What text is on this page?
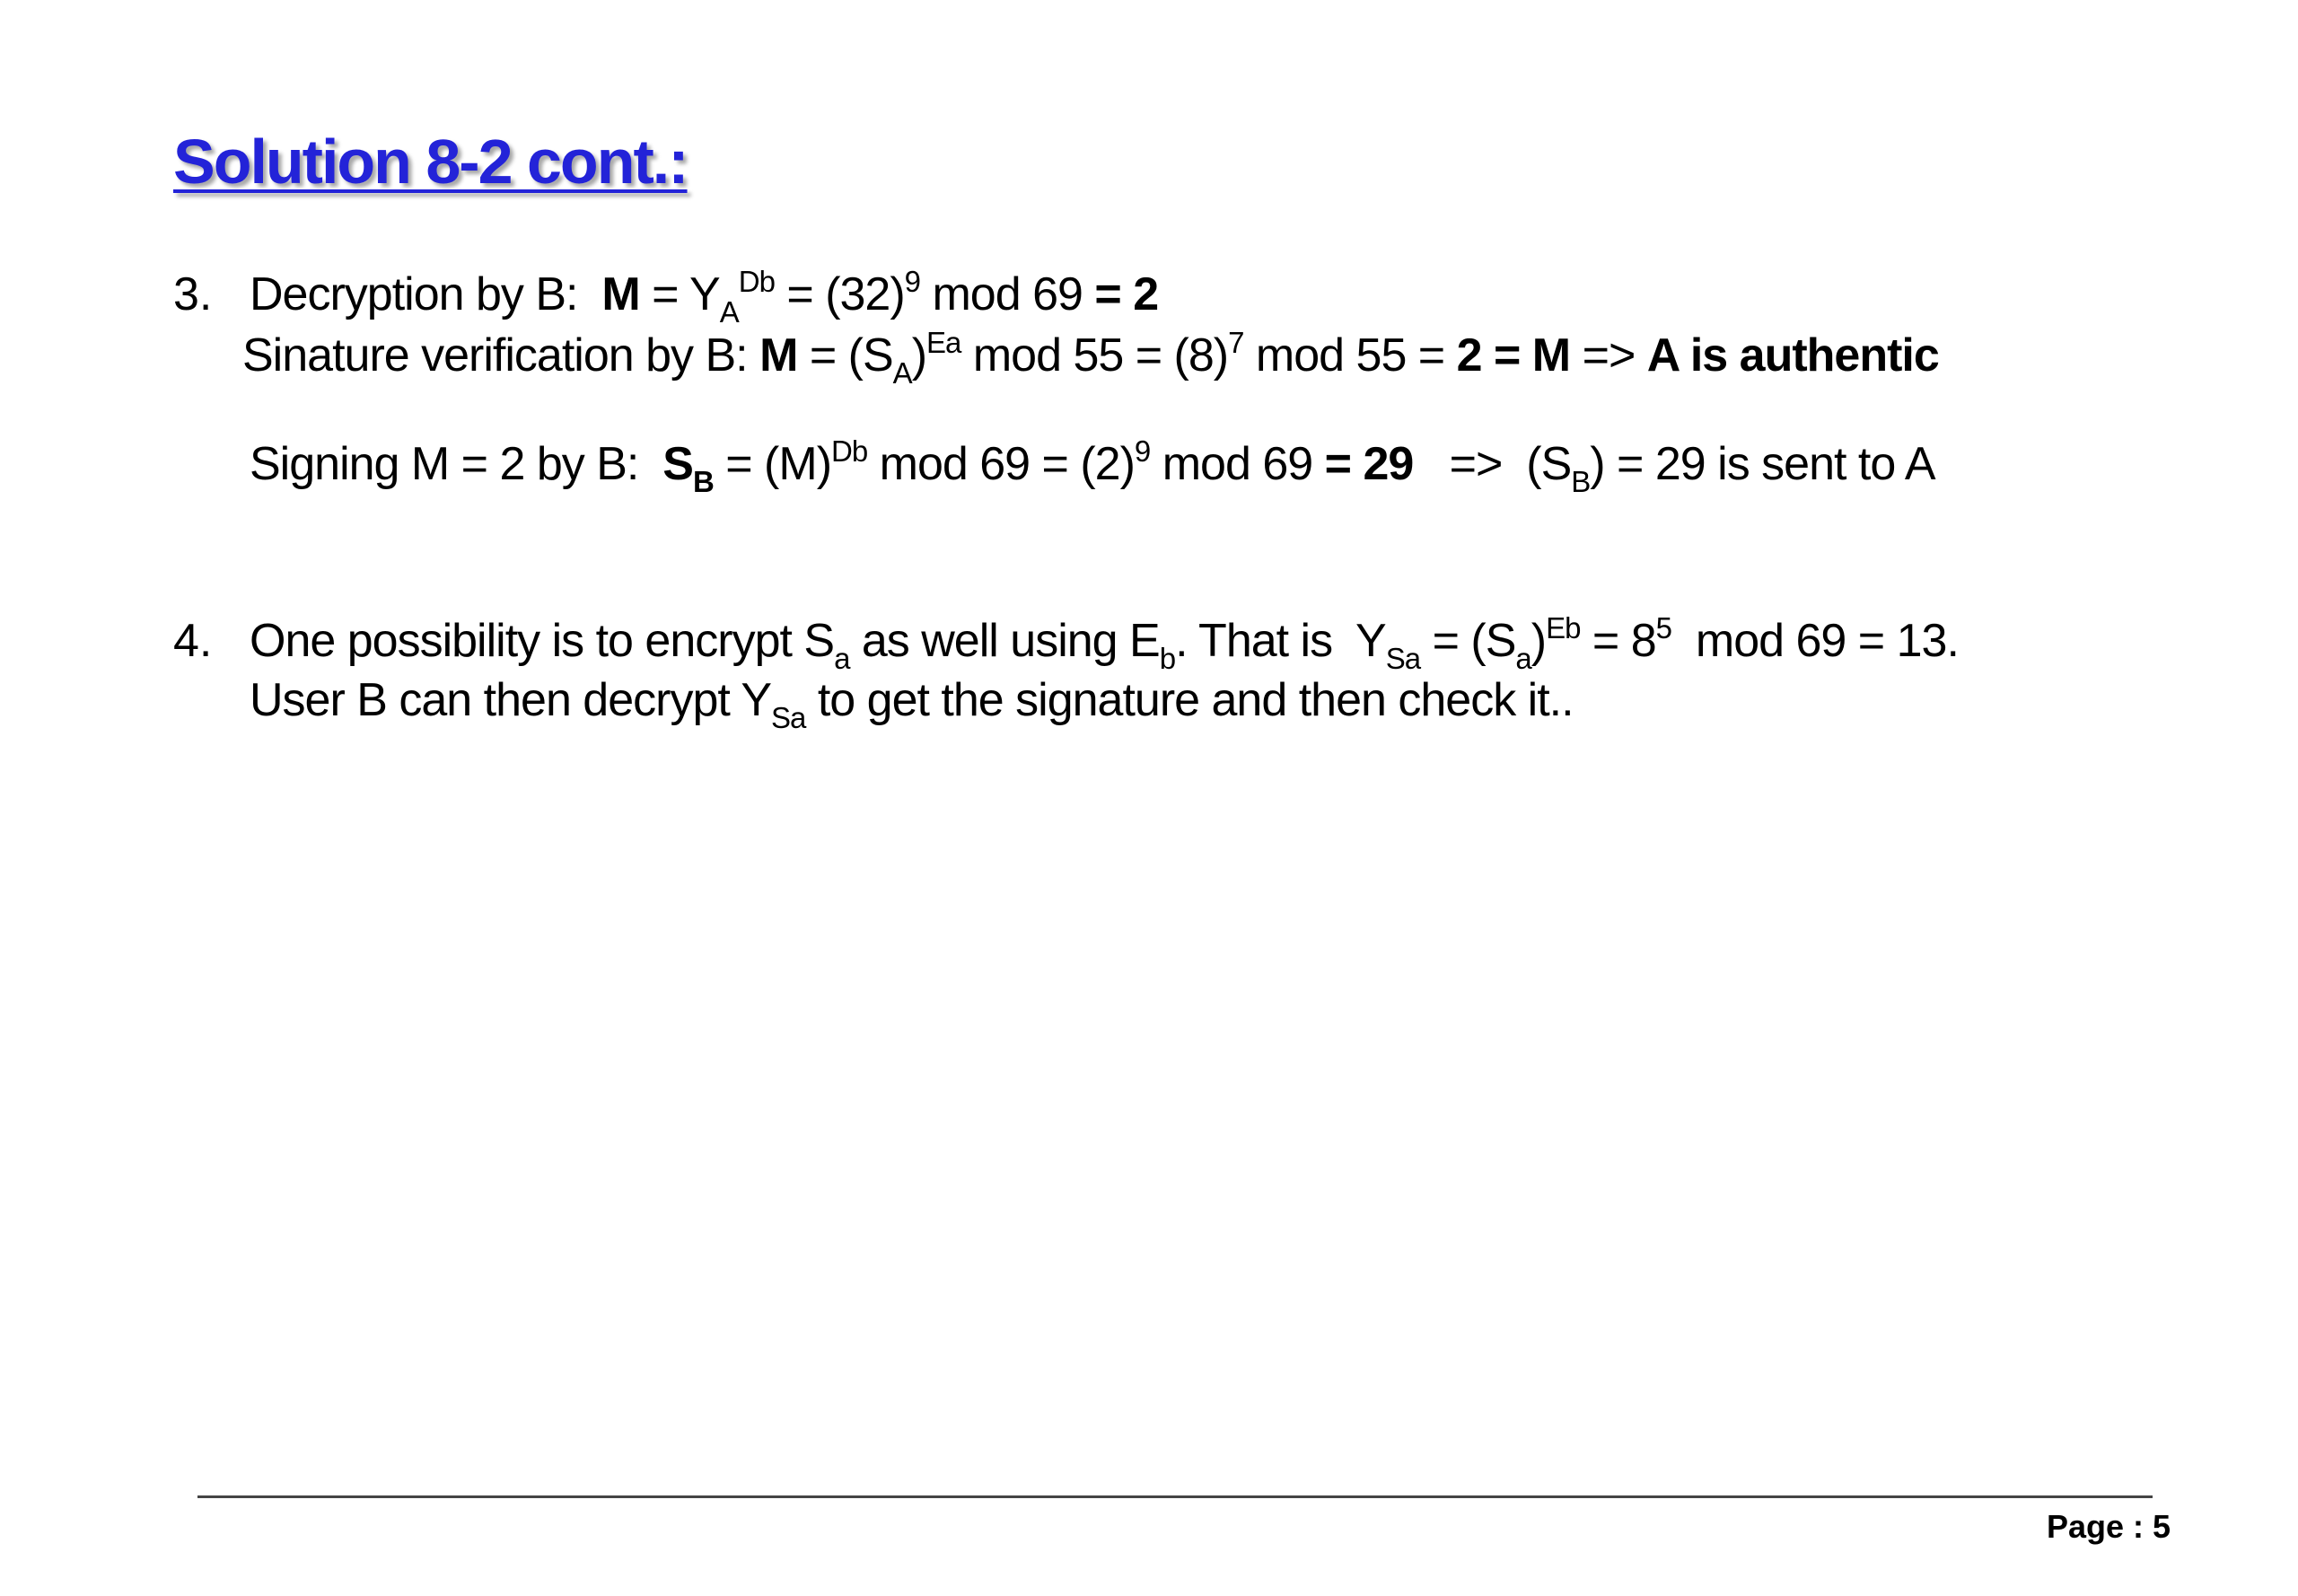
Solution 8-2 cont.:
3. Decryption by B:  $M = Y_A^{Db} = (32)^9$ mod 69 = 2
Sinature verification by B: $M = (S_A)^{Ea}$ mod $55 = (8)^7$ mod 55 = 2 = M => A is authentic
Signing M = 2 by B:  $S_B = (M)^{Db}$ mod $69 = (2)^9$ mod $69 = 29 => (S_B) = 29$ is sent to A
4. One possibility is to encrypt $S_a$ as well using $E_b$. That is  $Y_{Sa} = (S_a)^{Eb} = 8^5$  mod 69 = 13.
User B can then decrypt $Y_{Sa}$ to get the signature and then check it..
Page : 5
